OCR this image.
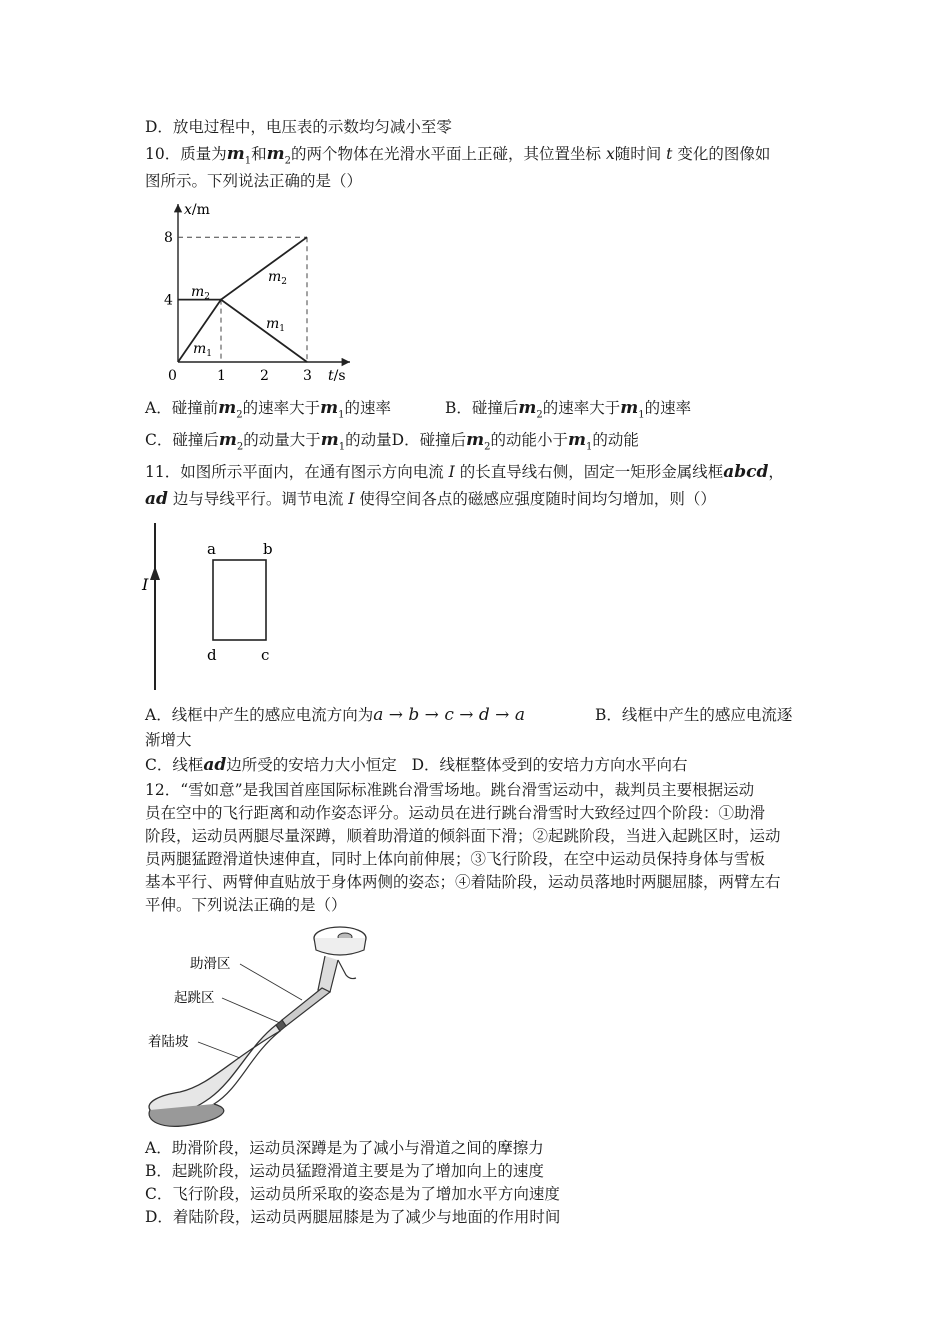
D．放电过程中，电压表的示数均匀减小至零
10．质量为$m_1$和$m_2$的两个物体在光滑水平面上正碰，其位置坐标 x随时间 t 变化的图像如
图所示。下列说法正确的是（）
x/m
t/s
0	1 2 3
4
8
$m_2$
$m_1$
$m_2$
$m_1$
A．碰撞前$m_2$的速率大于$m_1$的速率	B．碰撞后$m_2$的速率大于$m_1$的速率
C．碰撞后$m_2$的动量大于$m_1$的动量D．碰撞后$m_2$的动能小于$m_1$的动能
11．如图所示平面内，在通有图示方向电流 I 的长直导线右侧，固定一矩形金属线框abcd，
ad 边与导线平行。调节电流 I 使得空间各点的磁感应强度随时间均匀增加，则（）
I
a	b
d	c
A．线框中产生的感应电流方向为a → b → c → d → a	B．线框中产生的感应电流逐
渐增大
C．线框ad边所受的安培力大小恒定 D．线框整体受到的安培力方向水平向右
12．“雪如意”是我国首座国际标准跳台滑雪场地。跳台滑雪运动中，裁判员主要根据运动
员在空中的飞行距离和动作姿态评分。运动员在进行跳台滑雪时大致经过四个阶段：①助滑
阶段，运动员两腿尽量深蹲，顺着助滑道的倾斜面下滑；②起跳阶段，当进入起跳区时，运动
员两腿猛蹬滑道快速伸直，同时上体向前伸展；③飞行阶段，在空中运动员保持身体与雪板
基本平行、两臂伸直贴放于身体两侧的姿态；④着陆阶段，运动员落地时两腿屈膝，两臂左右
平伸。下列说法正确的是（）
助滑区
起跳区
着陆坡
A．助滑阶段，运动员深蹲是为了减小与滑道之间的摩擦力
B．起跳阶段，运动员猛蹬滑道主要是为了增加向上的速度
C．飞行阶段，运动员所采取的姿态是为了增加水平方向速度
D．着陆阶段，运动员两腿屈膝是为了减少与地面的作用时间
